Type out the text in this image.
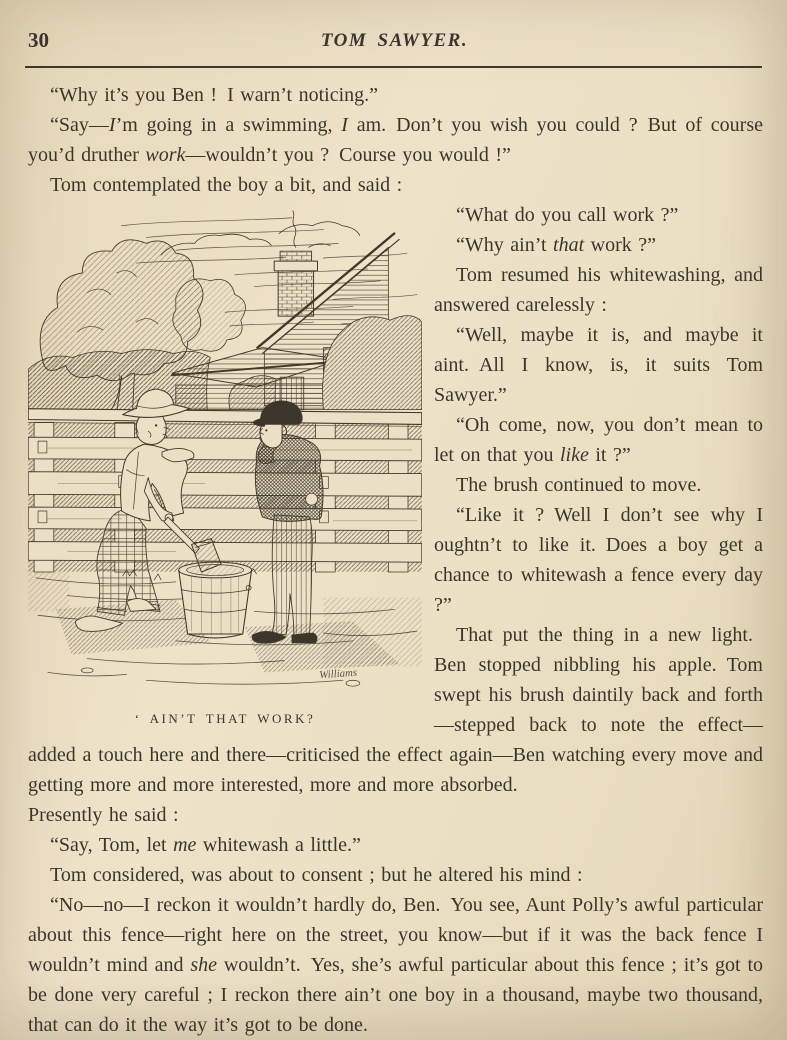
30	TOM SAWYER.

“Why it’s you Ben ! I warn’t noticing.”

“Say—I’m going in a swimming, I am. Don’t you wish you could ? But of course you’d druther work—wouldn’t you ? Course you would !”

Tom contemplated the boy a bit, and said :

Williams
‘ AIN’T THAT WORK?

“What do you call work ?”

“Why ain’t that work ?”

Tom resumed his whitewashing, and answered carelessly :

“Well, maybe it is, and maybe it aint. All I know, is, it suits Tom Sawyer.”

“Oh come, now, you don’t mean to let on that you like it ?”

The brush continued to move.

“Like it ? Well I don’t see why I oughtn’t to like it. Does a boy get a chance to whitewash a fence every day ?”

That put the thing in a new light. Ben stopped nibbling his apple. Tom swept his brush daintily back and forth—stepped back to note the effect—added a touch here and there—criticised the effect again—Ben watching every move and getting more and more interested, more and more absorbed.

Presently he said :

“Say, Tom, let me whitewash a little.”

Tom considered, was about to consent ; but he altered his mind :

“No—no—I reckon it wouldn’t hardly do, Ben. You see, Aunt Polly’s awful particular about this fence—right here on the street, you know—but if it was the back fence I wouldn’t mind and she wouldn’t. Yes, she’s awful particular about this fence ; it’s got to be done very careful ; I reckon there ain’t one boy in a thousand, maybe two thousand, that can do it the way it’s got to be done.
